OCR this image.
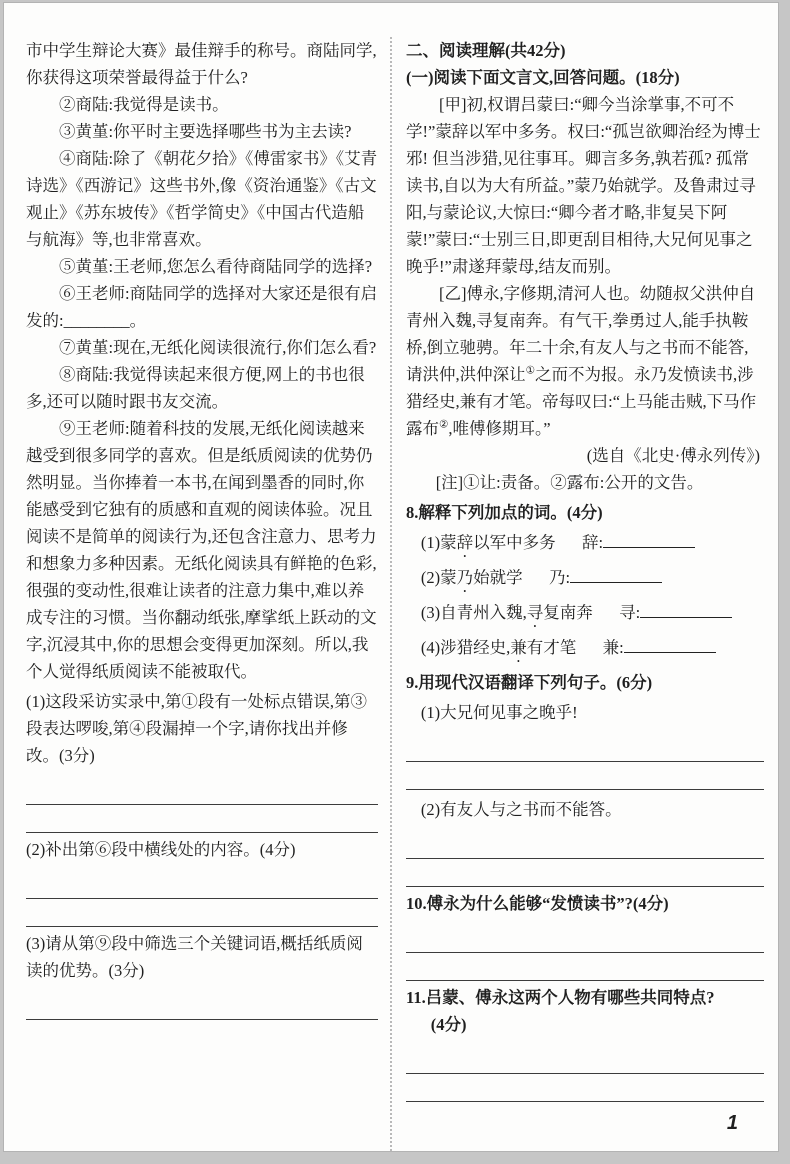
市中学生辩论大赛》最佳辩手的称号。商陆同学,你获得这项荣誉最得益于什么?

②商陆:我觉得是读书。

③黄堇:你平时主要选择哪些书为主去读?

④商陆:除了《朝花夕拾》《傅雷家书》《艾青诗选》《西游记》这些书外,像《资治通鉴》《古文观止》《苏东坡传》《哲学简史》《中国古代造船与航海》等,也非常喜欢。

⑤黄堇:王老师,您怎么看待商陆同学的选择?

⑥王老师:商陆同学的选择对大家还是很有启发的:________。

⑦黄堇:现在,无纸化阅读很流行,你们怎么看?

⑧商陆:我觉得读起来很方便,网上的书也很多,还可以随时跟书友交流。

⑨王老师:随着科技的发展,无纸化阅读越来越受到很多同学的喜欢。但是纸质阅读的优势仍然明显。当你捧着一本书,在闻到墨香的同时,你能感受到它独有的质感和直观的阅读体验。况且阅读不是简单的阅读行为,还包含注意力、思考力和想象力多种因素。无纸化阅读具有鲜艳的色彩,很强的变动性,很难让读者的注意力集中,难以养成专注的习惯。当你翻动纸张,摩挲纸上跃动的文字,沉浸其中,你的思想会变得更加深刻。所以,我个人觉得纸质阅读不能被取代。

(1)这段采访实录中,第①段有一处标点错误,第③段表达啰唆,第④段漏掉一个字,请你找出并修改。(3分)

(2)补出第⑥段中横线处的内容。(4分)

(3)请从第⑨段中筛选三个关键词语,概括纸质阅读的优势。(3分)

二、阅读理解(共42分)

(一)阅读下面文言文,回答问题。(18分)

[甲]初,权谓吕蒙曰:“卿今当涂掌事,不可不学!”蒙辞以军中多务。权曰:“孤岂欲卿治经为博士邪! 但当涉猎,见往事耳。卿言多务,孰若孤? 孤常读书,自以为大有所益。”蒙乃始就学。及鲁肃过寻阳,与蒙论议,大惊曰:“卿今者才略,非复吴下阿蒙!”蒙曰:“士别三日,即更刮目相待,大兄何见事之晚乎!”肃遂拜蒙母,结友而别。

[乙]傅永,字修期,清河人也。幼随叔父洪仲自青州入魏,寻复南奔。有气干,拳勇过人,能手执鞍桥,倒立驰骋。年二十余,有友人与之书而不能答,请洪仲,洪仲深让①之而不为报。永乃发愤读书,涉猎经史,兼有才笔。帝每叹曰:“上马能击贼,下马作露布②,唯傅修期耳。”

(选自《北史·傅永列传》)

[注]①让:责备。②露布:公开的文告。

8.解释下列加点的词。(4分)

(1)蒙辞以军中多务 辞:
(2)蒙乃始就学 乃:
(3)自青州入魏,寻复南奔 寻:
(4)涉猎经史,兼有才笔 兼:

9.用现代汉语翻译下列句子。(6分)

(1)大兄何见事之晚乎!

(2)有友人与之书而不能答。

10.傅永为什么能够“发愤读书”?(4分)

11.吕蒙、傅永这两个人物有哪些共同特点?

(4分)

1
